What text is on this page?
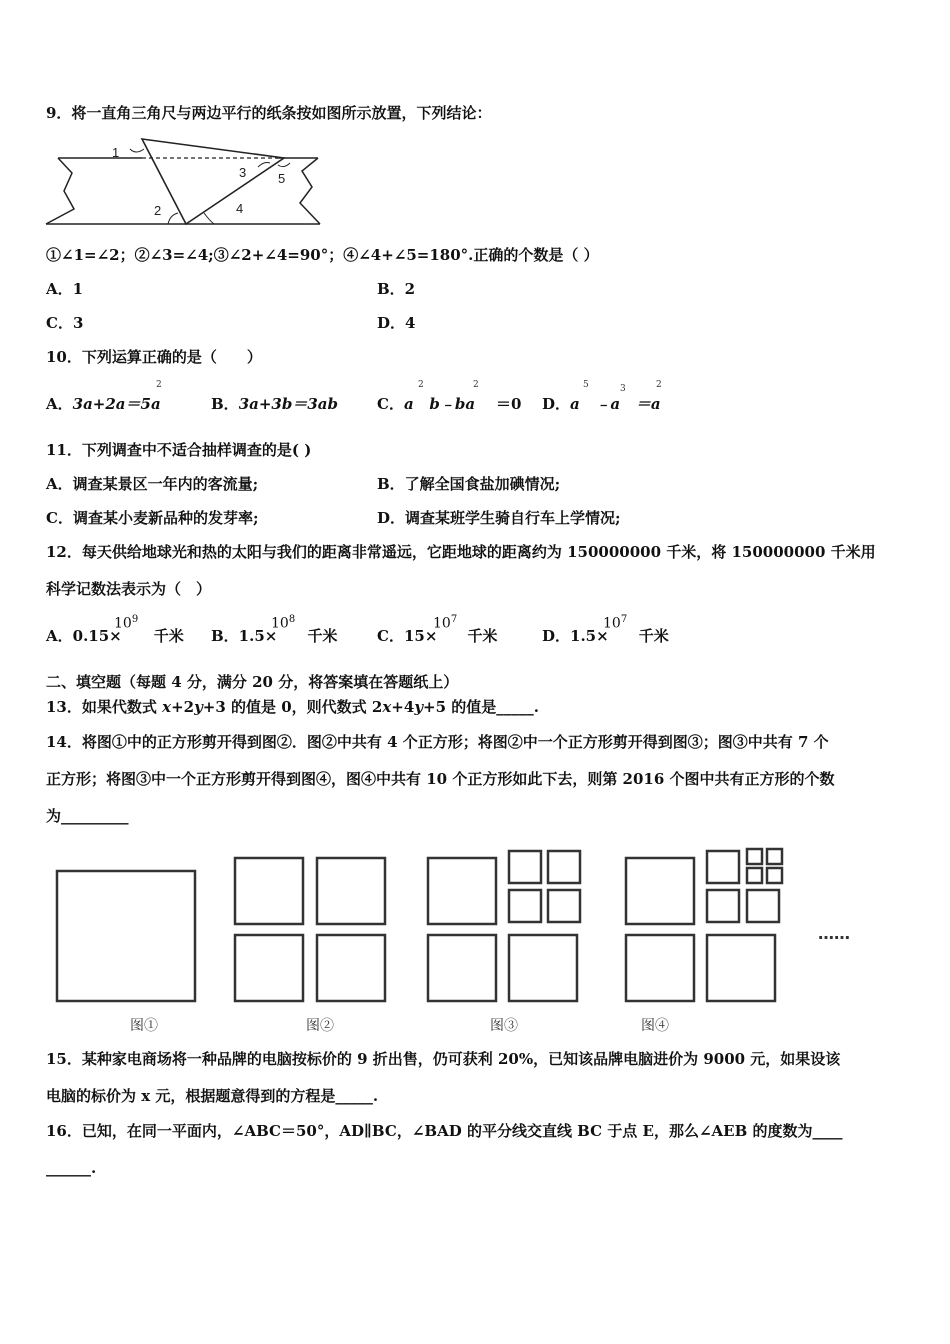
9．将一直角三角尺与两边平行的纸条按如图所示放置，下列结论：
1
2
3
4
5
①∠1=∠2；②∠3=∠4;③∠2+∠4=90°；④∠4+∠5=180°.正确的个数是（ ）
A．1	B．2
C．3	D．4
10．下列运算正确的是（　　）
A．3a+2a＝5a
2
B．3a+3b＝3ab	C．a b﹣ba ＝0
2	2
D．a ﹣a ＝a
5	3	2
11．下列调查中不适合抽样调查的是( )
A．调查某景区一年内的客流量;	B．了解全国食盐加碘情况;
C．调查某小麦新品种的发芽率;	D．调查某班学生骑自行车上学情况;
12．每天供给地球光和热的太阳与我们的距离非常遥远，它距地球的距离约为 150000000 千米，将 150000000 千米用
科学记数法表示为（　）
A．0.15× 千米
$10^9$
B．1.5× 千米
$10^8$
C．15× 千米
$10^7$
D．1.5× 千米
$10^7$
二、填空题（每题 4 分，满分 20 分，将答案填在答题纸上）
13．如果代数式 x+2y+3 的值是 0，则代数式 2x+4y+5 的值是_____.
14．将图①中的正方形剪开得到图②．图②中共有 4 个正方形；将图②中一个正方形剪开得到图③；图③中共有 7 个
正方形；将图③中一个正方形剪开得到图④，图④中共有 10 个正方形如此下去，则第 2016 个图中共有正方形的个数
为_________
……
图①	图②	图③	图④
15．某种家电商场将一种品牌的电脑按标价的 9 折出售，仍可获利 20%，已知该品牌电脑进价为 9000 元，如果设该
电脑的标价为 x 元，根据题意得到的方程是_____.
16．已知，在同一平面内，∠ABC＝50°，AD∥BC，∠BAD 的平分线交直线 BC 于点 E，那么∠AEB 的度数为____
______.
